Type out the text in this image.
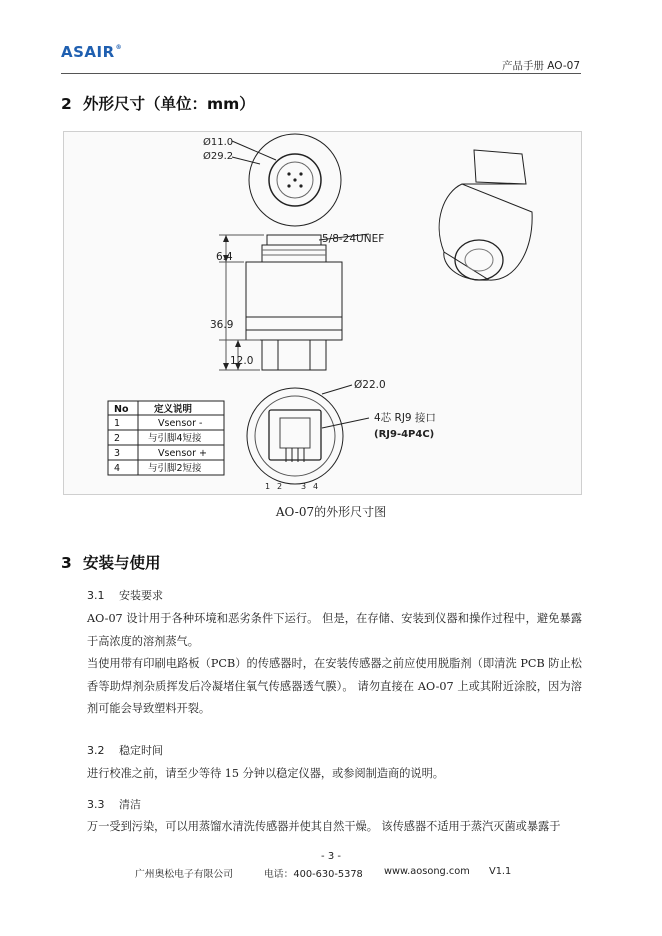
ASAIR®
产品手册 AO-07
2 外形尺寸（单位：mm）
Ø11.0
Ø29.2
5/8-24UNEF
6.4
36.9
12.0
Ø22.0
4芯 RJ9 接口
(RJ9-4P4C)
1 2 3 4
No	定义说明
1	Vsensor -
2	与引脚4短接
3	Vsensor +
4	与引脚2短接
AO-07的外形尺寸图
3 安装与使用
3.1 安装要求
AO-07 设计用于各种环境和恶劣条件下运行。 但是，在存储、安装到仪器和操作过程中，避免暴露于高浓度的溶剂蒸气。
当使用带有印刷电路板（PCB）的传感器时，在安装传感器之前应使用脱脂剂（即清洗 PCB 防止松香等助焊剂杂质挥发后冷凝堵住氧气传感器透气膜）。 请勿直接在 AO-07 上或其附近涂胶，因为溶剂可能会导致塑料开裂。
3.2 稳定时间
进行校准之前，请至少等待 15 分钟以稳定仪器，或参阅制造商的说明。
3.3 清洁
万一受到污染，可以用蒸馏水清洗传感器并使其自然干燥。 该传感器不适用于蒸汽灭菌或暴露于
- 3 -
广州奥松电子有限公司	电话：400-630-5378 www.aosong.com V1.1
